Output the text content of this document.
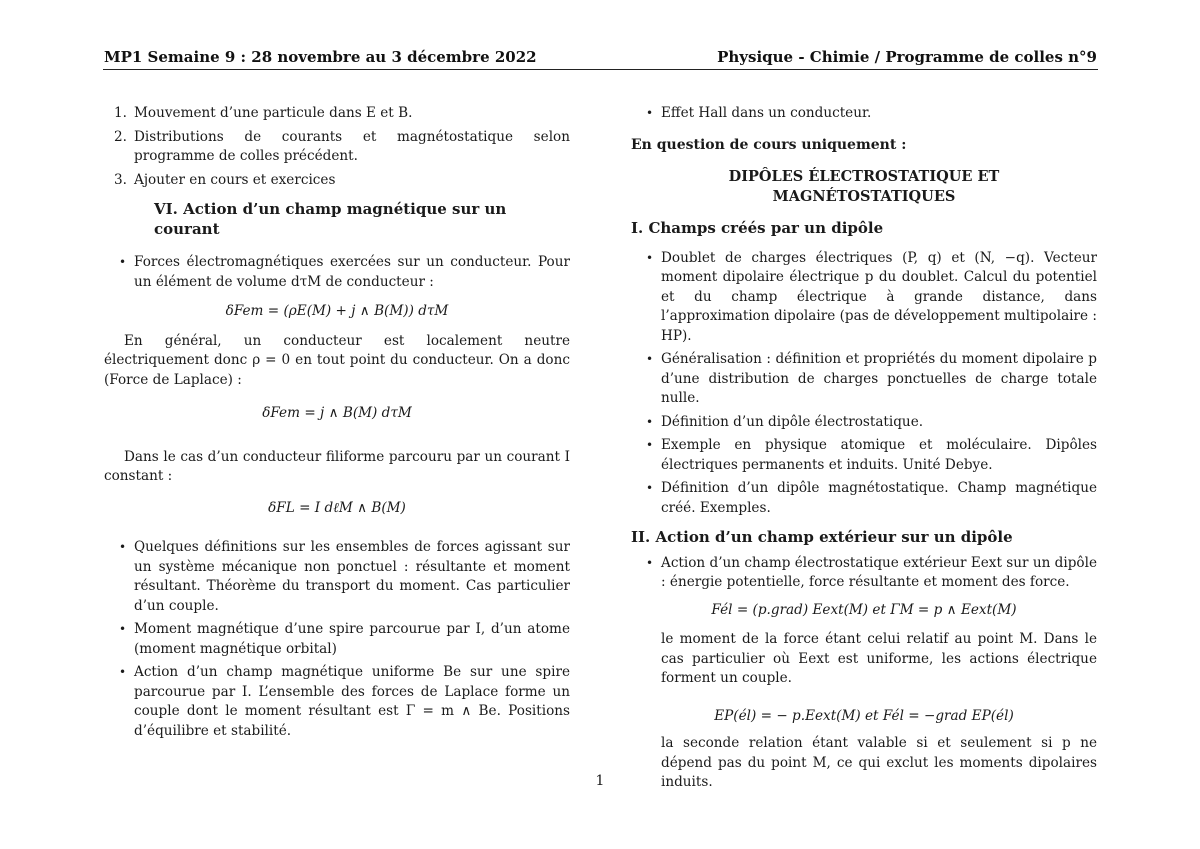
MP1 Semaine 9 : 28 novembre au 3 décembre 2022	Physique - Chimie / Programme de colles n°9
1. Mouvement d’une particule dans E et B.
2. Distributions de courants et magnétostatique selon programme de colles précédent.
3. Ajouter en cours et exercices

VI. Action d’un champ magnétique sur un courant

• Forces électromagnétiques exercées sur un conducteur. Pour un élément de volume dτM de conducteur :
δFem = (ρE(M) + j ∧ B(M)) dτM

En général, un conducteur est localement neutre électriquement donc ρ = 0 en tout point du conducteur. On a donc (Force de Laplace) :

δFem = j ∧ B(M) dτM

Dans le cas d’un conducteur filiforme parcouru par un courant I constant :

δFL = I dℓM ∧ B(M)
• Quelques définitions sur les ensembles de forces agissant sur un système mécanique non ponctuel : résultante et moment résultant. Théorème du transport du moment. Cas particulier d’un couple.
• Moment magnétique d’une spire parcourue par I, d’un atome (moment magnétique orbital)
• Action d’un champ magnétique uniforme Be sur une spire parcourue par I. L’ensemble des forces de Laplace forme un couple dont le moment résultant est Γ = m ∧ Be. Positions d’équilibre et stabilité.
• Effet Hall dans un conducteur.

En question de cours uniquement :

DIPÔLES ÉLECTROSTATIQUE ET
MAGNÉTOSTATIQUES

I. Champs créés par un dipôle

• Doublet de charges électriques (P, q) et (N, −q). Vecteur moment dipolaire électrique p du doublet. Calcul du potentiel et du champ électrique à grande distance, dans l’approximation dipolaire (pas de développement multipolaire : HP).
• Généralisation : définition et propriétés du moment dipolaire p d’une distribution de charges ponctuelles de charge totale nulle.
• Définition d’un dipôle électrostatique.
• Exemple en physique atomique et moléculaire. Dipôles électriques permanents et induits. Unité Debye.
• Définition d’un dipôle magnétostatique. Champ magnétique créé. Exemples.

II. Action d’un champ extérieur sur un dipôle

• Action d’un champ électrostatique extérieur Eext sur un dipôle : énergie potentielle, force résultante et moment des force.
Fél = (p.grad) Eext(M) et ΓM = p ∧ Eext(M)

le moment de la force étant celui relatif au point M. Dans le cas particulier où Eext est uniforme, les actions électrique forment un couple.

EP(él) = − p.Eext(M) et Fél = −grad EP(él)

la seconde relation étant valable si et seulement si p ne dépend pas du point M, ce qui exclut les moments dipolaires induits.

1
